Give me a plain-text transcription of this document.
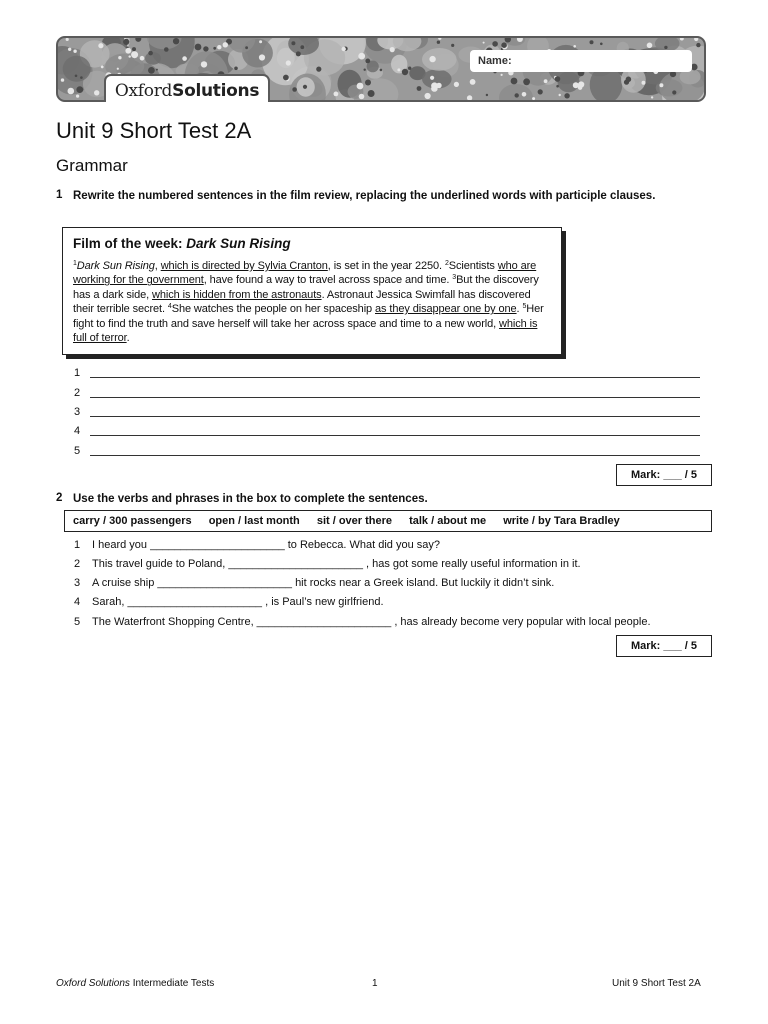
Name:
OxfordSolutions
Unit 9 Short Test 2A
Grammar
1 Rewrite the numbered sentences in the film review, replacing the underlined words with participle clauses.
Film of the week: Dark Sun Rising
$^1$Dark Sun Rising, which is directed by Sylvia Cranton, is set in the year 2250. $^2$Scientists who are working for the government, have found a way to travel across space and time. $^3$But the discovery has a dark side, which is hidden from the astronauts. Astronaut Jessica Swimfall has discovered their terrible secret. $^4$She watches the people on her spaceship as they disappear one by one. $^5$Her fight to find the truth and save herself will take her across space and time to a new world, which is full of terror.
1
2
3
4
5
Mark: ___ / 5
2 Use the verbs and phrases in the box to complete the sentences.
carry / 300 passengers open / last month sit / over there talk / about me write / by Tara Bradley
1 I heard you ______________________ to Rebecca. What did you say?
2 This travel guide to Poland, ______________________ , has got some really useful information in it.
3 A cruise ship ______________________ hit rocks near a Greek island. But luckily it didn’t sink.
4 Sarah, ______________________ , is Paul’s new girlfriend.
5 The Waterfront Shopping Centre, ______________________ , has already become very popular with local people.
Mark: ___ / 5
Oxford Solutions Intermediate Tests	1	Unit 9 Short Test 2A
